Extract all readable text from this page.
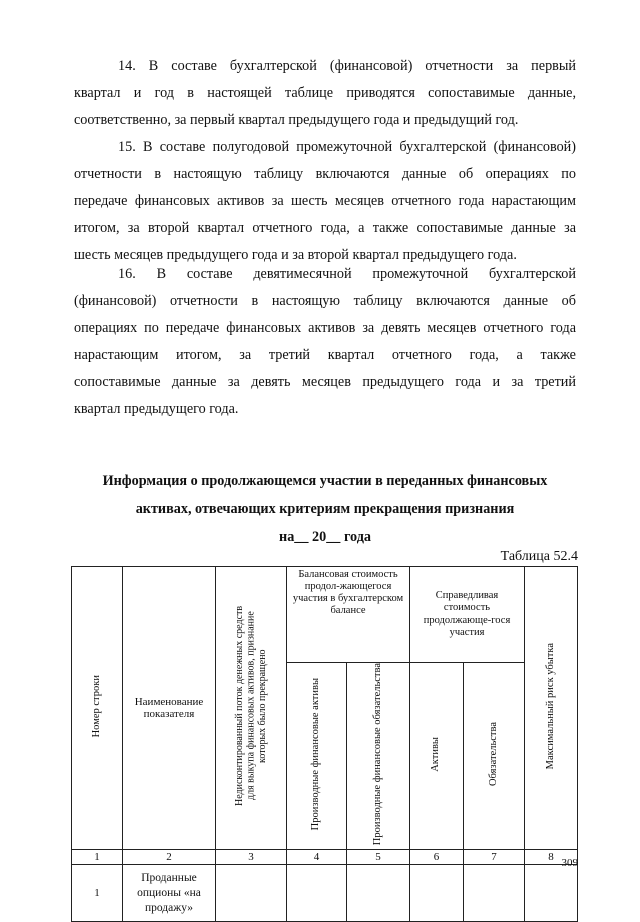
14. В составе бухгалтерской (финансовой) отчетности за первый
квартал и год в настоящей таблице приводятся сопоставимые данные,
соответственно, за первый квартал предыдущего года и предыдущий год.
15. В составе полугодовой промежуточной бухгалтерской (финансовой)
отчетности в настоящую таблицу включаются данные об операциях по
передаче финансовых активов за шесть месяцев отчетного года нарастающим
итогом, за второй квартал отчетного года, а также сопоставимые данные за
шесть месяцев предыдущего года и за второй квартал предыдущего года.
16. В составе девятимесячной промежуточной бухгалтерской
(финансовой) отчетности в настоящую таблицу включаются данные об
операциях по передаче финансовых активов за девять месяцев отчетного года
нарастающим итогом, за третий квартал отчетного года, а также
сопоставимые данные за девять месяцев предыдущего года и за третий
квартал предыдущего года.
Информация о продолжающемся участии в переданных финансовых
активах, отвечающих критериям прекращения признания
на__ 20__ года
Таблица 52.4
Номер строки	Наименование показателя	Недисконтированный поток денежных средств для выкупа финансовых активов, признание которых было прекращено	Балансовая стоимость продол-жающегося участия в бухгалтерском балансе		Справедливая стоимость продолжающе-гося участия		Максимальный риск убытка
			Производные финансовые активы	Производные финансовые обязательства	Активы	Обязательства	
1	2	3	4	5	6	7	8
1	Проданные опционы «на продажу»						
309
